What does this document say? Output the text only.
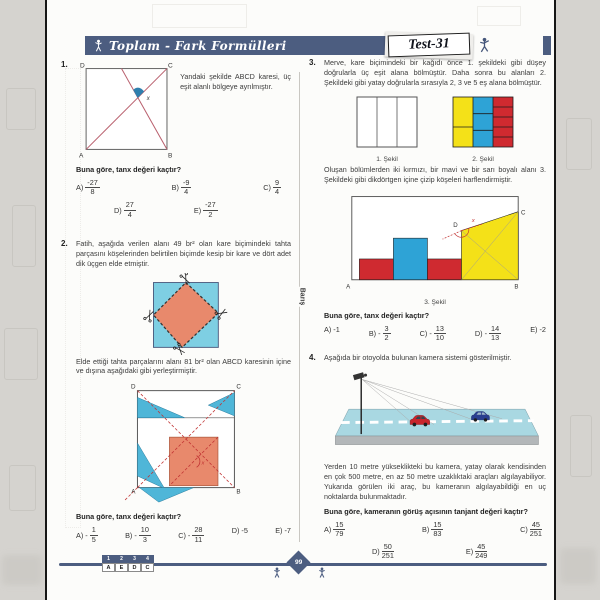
Toplam - Fark Formülleri	Test-31
Barış
1.
x
D	C
A	B

Yandaki şekilde ABCD karesi, üç eşit alanlı bölgeye ayrılmıştır.

Buna göre, tanx değeri kaçtır?

$A) \frac{-27}{8}$	$B) \frac{-9}{4}$	$C) \frac{9}{4}$
$D) \frac{27}{4}$	$E) \frac{-27}{2}$
2. Fatih, aşağıda verilen alanı 49 br² olan kare biçimindeki tahta parçasını köşelerinden belirtilen biçimde kesip bir kare ve dört adet dik üçgen elde etmiştir.

Elde ettiği tahta parçalarını alanı 81 br² olan ABCD karesinin içine ve dışına aşağıdaki gibi yerleştirmiştir.

x
D	C
A	B

Buna göre, tanx değeri kaçtır?

$A) - \frac{1}{5}$	$B) - \frac{10}{3}$	$C) - \frac{28}{11}$	D) -5	E) -7
3. Merve, kare biçimindeki bir kağıdı önce 1. şekildeki gibi düşey doğrularla üç eşit alana bölmüştür. Daha sonra bu alanları 2. Şekildeki gibi yatay doğrularla sırasıyla 2, 3 ve 5 eş alana bölmüştür.

1. Şekil	2. Şekil

Oluşan bölümlerden iki kırmızı, bir mavi ve bir sarı boyalı alanı 3. Şekildeki gibi dikdörtgen içine çizip köşeleri harflendirmiştir.

x
D
C
A	B
3. Şekil

Buna göre, tanx değeri kaçtır?

A) -1	$B) - \frac{3}{2}$	$C) - \frac{13}{10}$	$D) - \frac{14}{13}$	E) -2
4. Aşağıda bir otoyolda bulunan kamera sistemi gösterilmiştir.

Yerden 10 metre yükseklikteki bu kamera, yatay olarak kendisinden en çok 500 metre, en az 50 metre uzaklıktaki araçları algılayabiliyor. Yukarıda görülen iki araç, bu kameranın algılayabildiği en uç noktalarda bulunmaktadır.

Buna göre, kameranın görüş açısının tanjant değeri kaçtır?

$A) \frac{15}{79}$	$B) \frac{15}{83}$	$C) \frac{45}{251}$
$D) \frac{50}{251}$	$E) \frac{45}{249}$
1	2	3	4
A	E	D	C
99
